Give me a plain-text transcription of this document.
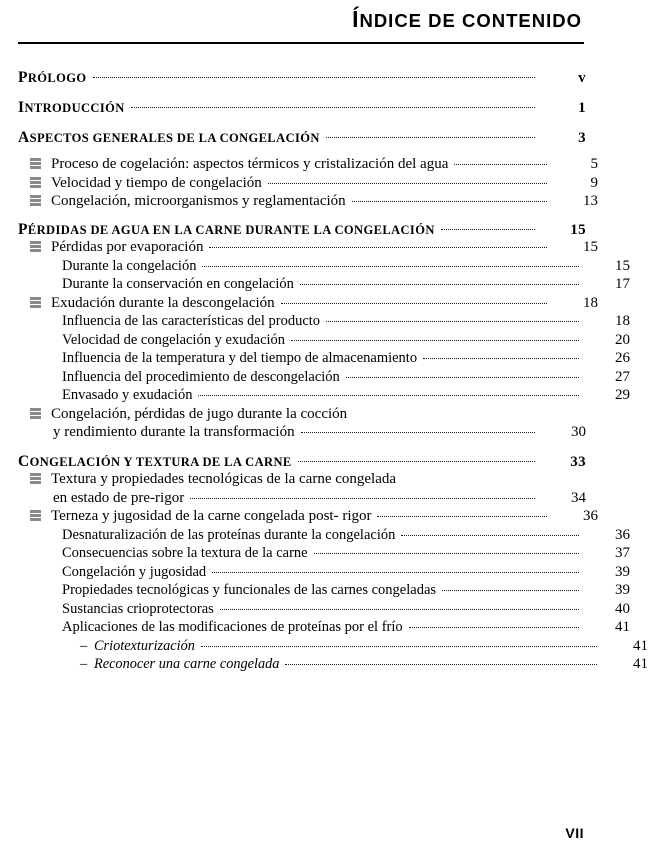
ÍNDICE DE CONTENIDO
PRÓLOGO	v
INTRODUCCIÓN	1
ASPECTOS GENERALES DE LA CONGELACIÓN	3
Proceso de cogelación: aspectos térmicos y cristalización del agua	5
Velocidad y tiempo de congelación	9
Congelación, microorganismos y reglamentación	13
PÉRDIDAS DE AGUA EN LA CARNE DURANTE LA CONGELACIÓN	15
Pérdidas por evaporación	15
Durante la congelación	15
Durante la conservación en congelación	17
Exudación durante la descongelación	18
Influencia de las características del producto	18
Velocidad de congelación y exudación	20
Influencia de la temperatura y del tiempo de almacenamiento	26
Influencia del procedimiento de descongelación	27
Envasado y exudación	29
Congelación, pérdidas de jugo durante la cocción
y rendimiento durante la transformación	30
CONGELACIÓN Y TEXTURA DE LA CARNE	33
Textura y propiedades tecnológicas de la carne congelada
en estado de pre-rigor	34
Terneza y jugosidad de la carne congelada post- rigor	36
Desnaturalización de las proteínas durante la congelación	36
Consecuencias sobre la textura de la carne	37
Congelación y jugosidad	39
Propiedades tecnológicas y funcionales de las carnes congeladas	39
Sustancias crioprotectoras	40
Aplicaciones de las modificaciones de proteínas por el frío	41
– Criotexturización	41
– Reconocer una carne congelada	41
VII
